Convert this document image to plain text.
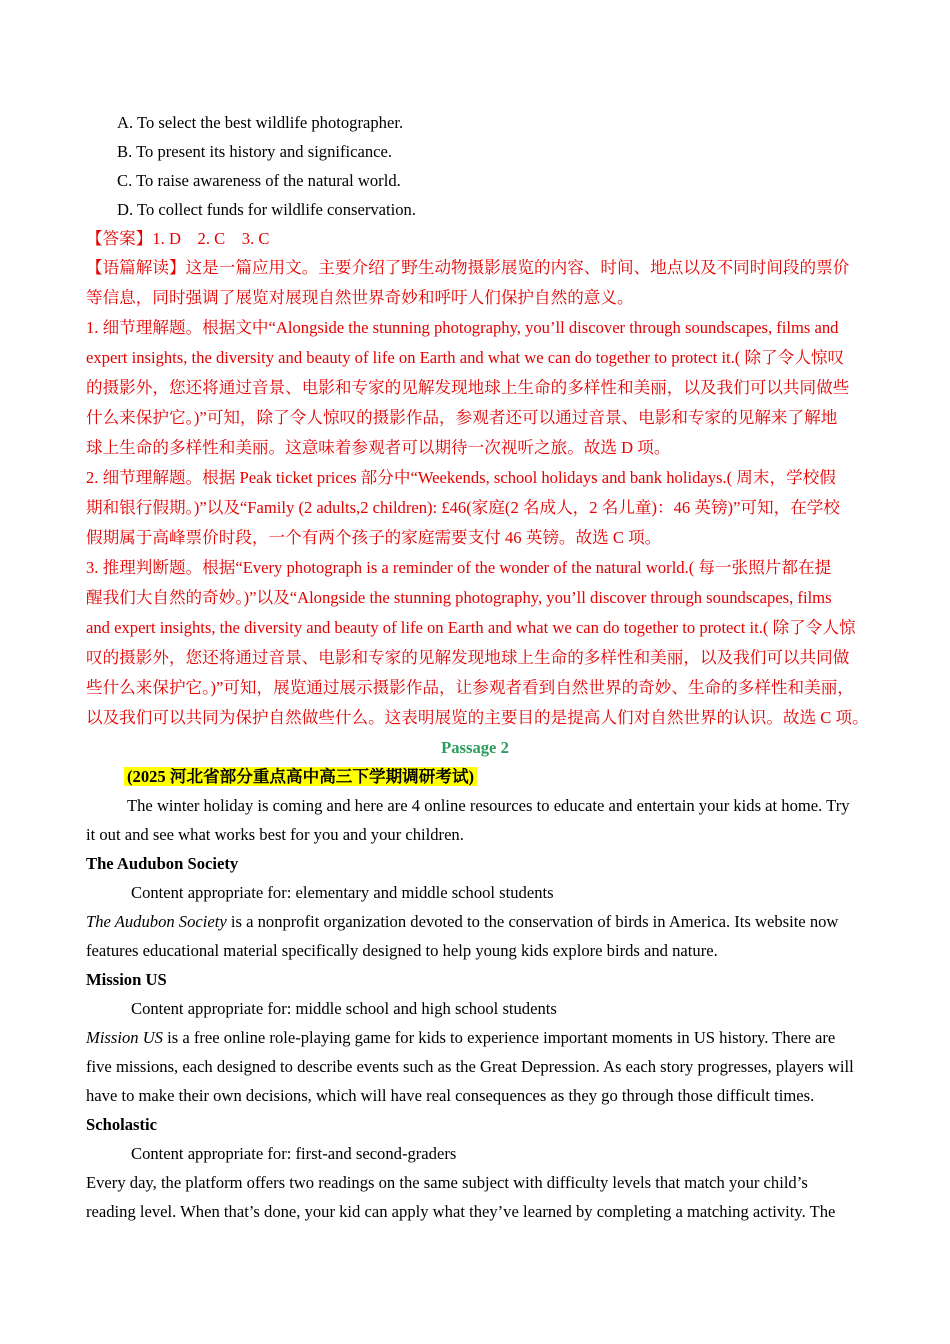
A. To select the best wildlife photographer.
B. To present its history and significance.
C. To raise awareness of the natural world.
D. To collect funds for wildlife conservation.
【答案】1. D    2. C    3. C
【语篇解读】这是一篇应用文。主要介绍了野生动物摄影展览的内容、时间、地点以及不同时间段的票价
等信息，同时强调了展览对展现自然世界奇妙和呼吁人们保护自然的意义。
1. 细节理解题。根据文中“Alongside the stunning photography, you’ll discover through soundscapes, films and
expert insights, the diversity and beauty of life on Earth and what we can do together to protect it.( 除了令人惊叹
的摄影外，您还将通过音景、电影和专家的见解发现地球上生命的多样性和美丽，以及我们可以共同做些
什么来保护它。)”可知，除了令人惊叹的摄影作品，参观者还可以通过音景、电影和专家的见解来了解地
球上生命的多样性和美丽。这意味着参观者可以期待一次视听之旅。故选 D 项。
2. 细节理解题。根据 Peak ticket prices 部分中“Weekends, school holidays and bank holidays.( 周末，学校假
期和银行假期。)”以及“Family (2 adults,2 children): £46(家庭(2 名成人，2 名儿童)：46 英镑)”可知，在学校
假期属于高峰票价时段，一个有两个孩子的家庭需要支付 46 英镑。故选 C 项。
3. 推理判断题。根据“Every photograph is a reminder of the wonder of the natural world.( 每一张照片都在提
醒我们大自然的奇妙。)”以及“Alongside the stunning photography, you’ll discover through soundscapes, films
and expert insights, the diversity and beauty of life on Earth and what we can do together to protect it.( 除了令人惊
叹的摄影外，您还将通过音景、电影和专家的见解发现地球上生命的多样性和美丽，以及我们可以共同做
些什么来保护它。)”可知，展览通过展示摄影作品，让参观者看到自然世界的奇妙、生命的多样性和美丽，
以及我们可以共同为保护自然做些什么。这表明展览的主要目的是提高人们对自然世界的认识。故选 C 项。
Passage 2
(2025 河北省部分重点高中高三下学期调研考试)
The winter holiday is coming and here are 4 online resources to educate and entertain your kids at home. Try
it out and see what works best for you and your children.
The Audubon Society
Content appropriate for: elementary and middle school students
The Audubon Society is a nonprofit organization devoted to the conservation of birds in America. Its website now
features educational material specifically designed to help young kids explore birds and nature.
Mission US
Content appropriate for: middle school and high school students
Mission US is a free online role-playing game for kids to experience important moments in US history. There are
five missions, each designed to describe events such as the Great Depression. As each story progresses, players will
have to make their own decisions, which will have real consequences as they go through those difficult times.
Scholastic
Content appropriate for: first-and second-graders
Every day, the platform offers two readings on the same subject with difficulty levels that match your child’s
reading level. When that’s done, your kid can apply what they’ve learned by completing a matching activity. The
